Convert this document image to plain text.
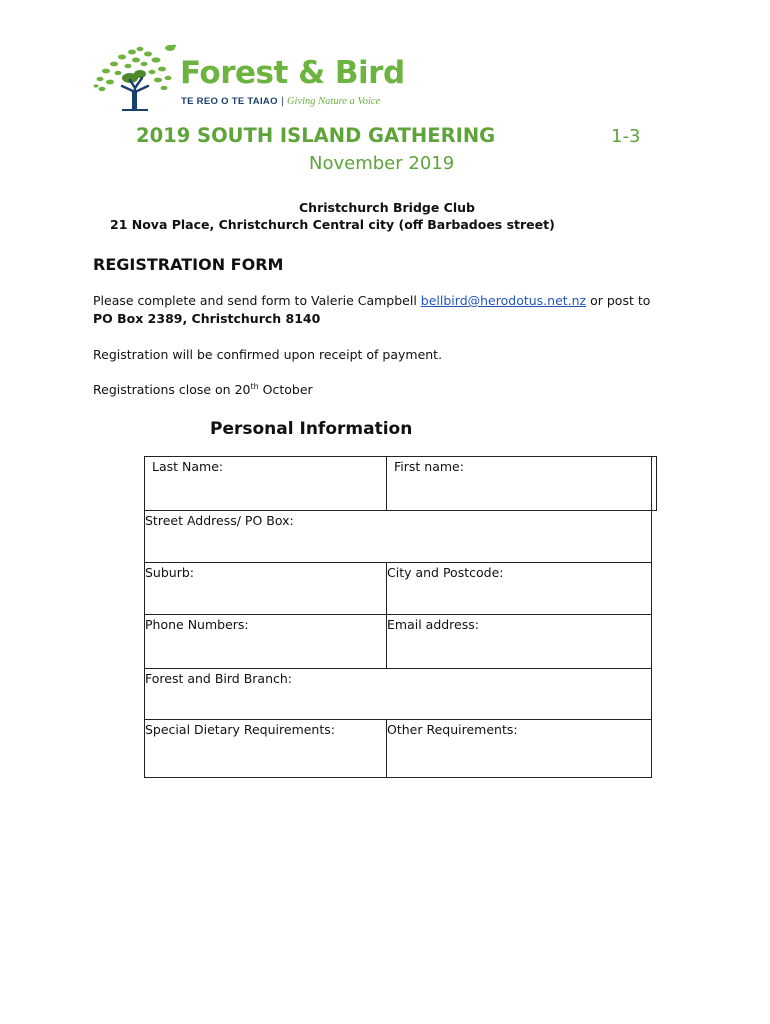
Forest & Bird
TE REO O TE TAIAO | Giving Nature a Voice
2019 SOUTH ISLAND GATHERING	1-3
November 2019
Christchurch Bridge Club
21 Nova Place, Christchurch Central city (off Barbadoes street)
REGISTRATION FORM
Please complete and send form to Valerie Campbell bellbird@herodotus.net.nz or post to
PO Box 2389, Christchurch 8140
Registration will be confirmed upon receipt of payment.
Registrations close on 20th October
Personal Information
Last Name:	First name:
Street Address/ PO Box:
Suburb:	City and Postcode:
Phone Numbers:	Email address:
Forest and Bird Branch:
Special Dietary Requirements:	Other Requirements:
